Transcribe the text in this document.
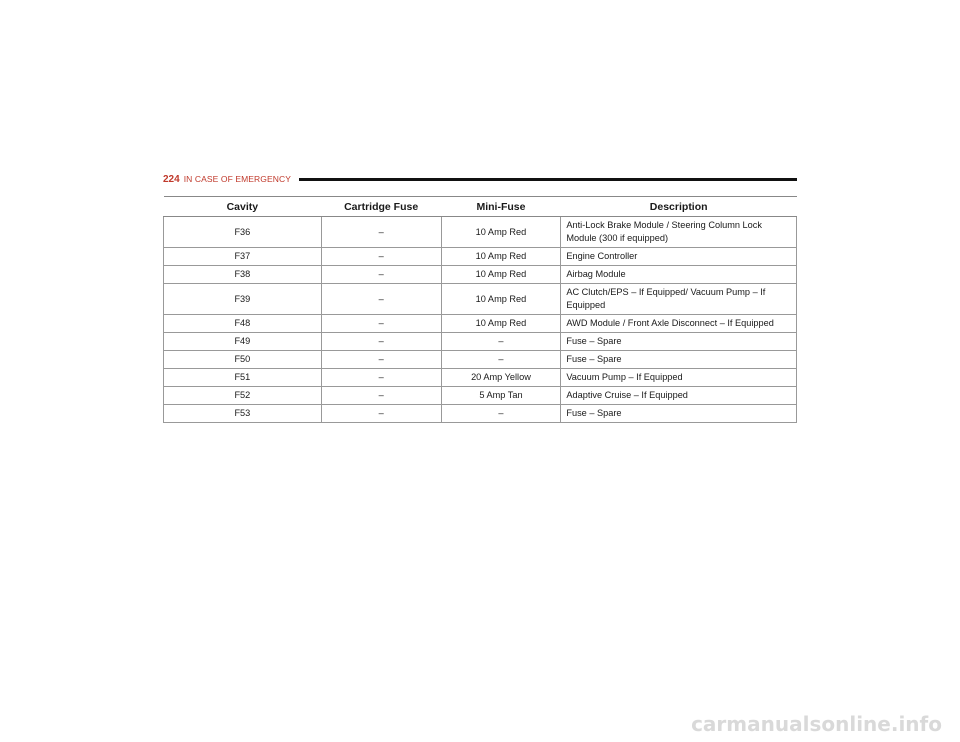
224 IN CASE OF EMERGENCY
Cavity	Cartridge Fuse	Mini-Fuse	Description
F36	–	10 Amp Red	Anti-Lock Brake Module / Steering Column Lock Module (300 if equipped)
F37	–	10 Amp Red	Engine Controller
F38	–	10 Amp Red	Airbag Module
F39	–	10 Amp Red	AC Clutch/EPS – If Equipped/ Vacuum Pump – If Equipped
F48	–	10 Amp Red	AWD Module / Front Axle Disconnect – If Equipped
F49	–	–	Fuse – Spare
F50	–	–	Fuse – Spare
F51	–	20 Amp Yellow	Vacuum Pump – If Equipped
F52	–	5 Amp Tan	Adaptive Cruise – If Equipped
F53	–	–	Fuse – Spare
carmanualsonline.info
